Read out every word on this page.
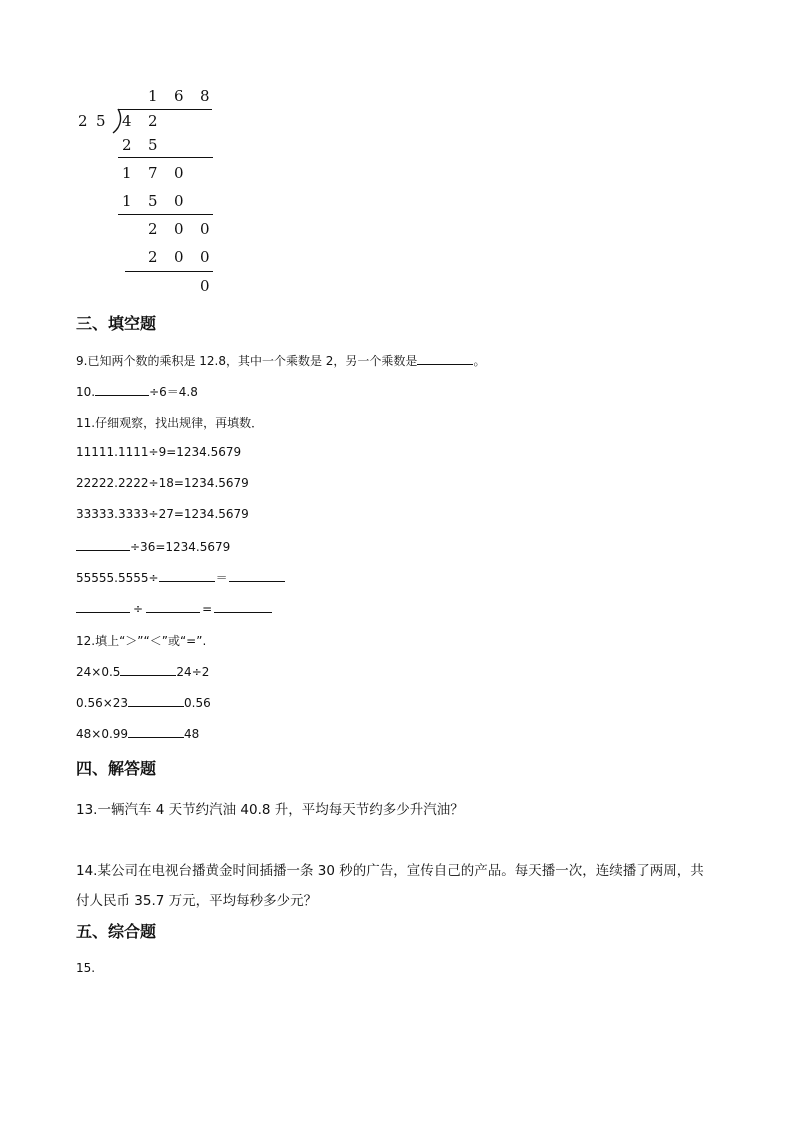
1 6 8
2 5 4 2
2 5
1 7 0
1 5 0
2 0 0
2 0 0
0
三、填空题
9.已知两个数的乘积是 12.8，其中一个乘数是 2，另一个乘数是	。
10.	÷6＝4.8
11.仔细观察，找出规律，再填数．
11111.1111÷9=1234.5679
22222.2222÷18=1234.5679
33333.3333÷27=1234.5679
÷36=1234.5679
55555.5555÷	＝
÷	=
12.填上“＞”“＜”或“=”.
24×0.5	24÷2
0.56×23	0.56
48×0.99	48
四、解答题
13.一辆汽车 4 天节约汽油 40.8 升，平均每天节约多少升汽油？
14.某公司在电视台播黄金时间插播一条 30 秒的广告，宣传自己的产品。每天播一次，连续播了两周，共
付人民币 35.7 万元，平均每秒多少元？
五、综合题
15.
